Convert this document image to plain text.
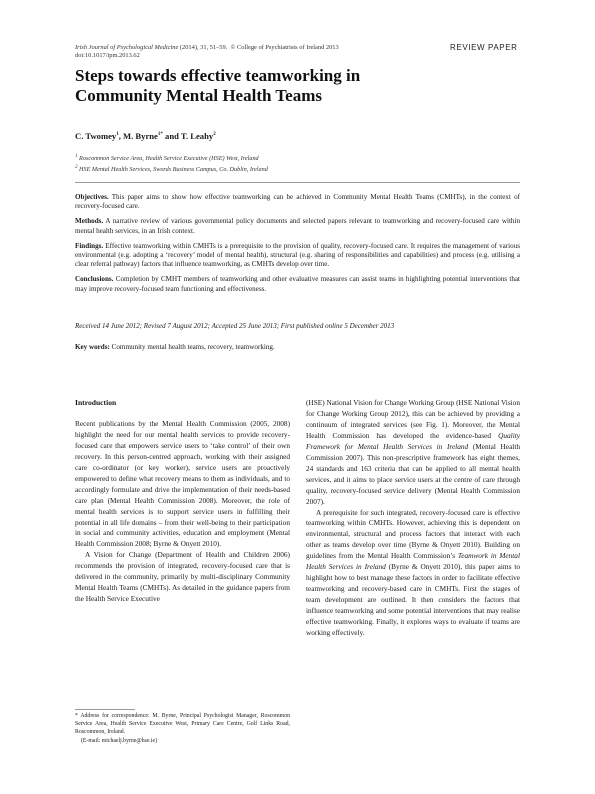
Irish Journal of Psychological Medicine (2014), 31, 51–59. © College of Psychiatrists of Ireland 2013
doi:10.1017/ipm.2013.62
REVIEW PAPER
Steps towards effective teamworking in
Community Mental Health Teams
C. Twomey$^1$, M. Byrne$^{1*}$ and T. Leahy$^2$
$^1$ Roscommon Service Area, Health Service Executive (HSE) West, Ireland
$^2$ HSE Mental Health Services, Swords Business Campus, Co. Dublin, Ireland
Objectives. This paper aims to show how effective teamworking can be achieved in Community Mental Health Teams (CMHTs), in the context of recovery-focused care.
Methods. A narrative review of various governmental policy documents and selected papers relevant to teamworking and recovery-focused care within mental health services, in an Irish context.
Findings. Effective teamworking within CMHTs is a prerequisite to the provision of quality, recovery-focused care. It requires the management of various environmental (e.g. adopting a ‘recovery’ model of mental health), structural (e.g. sharing of responsibilities and capabilities) and process (e.g. utilising a clear referral pathway) factors that influence teamworking, as CMHTs develop over time.
Conclusions. Completion by CMHT members of teamworking and other evaluative measures can assist teams in highlighting potential interventions that may improve recovery-focused team functioning and effectiveness.
Received 14 June 2012; Revised 7 August 2012; Accepted 25 June 2013; First published online 5 December 2013
Key words: Community mental health teams, recovery, teamworking.
Introduction

Recent publications by the Mental Health Commission (2005, 2008) highlight the need for our mental health services to provide recovery-focused care that empowers service users to ‘take control’ of their own recovery. In this person-centred approach, working with their assigned care co-ordinator (or key worker), service users are proactively empowered to define what recovery means to them as individuals, and to accordingly formulate and drive the implementation of their needs-based care plan (Mental Health Commission 2008). Moreover, the role of mental health services is to support service users in fulfilling their potential in all life domains – from their well-being to their participation in social and community activities, education and employment (Mental Health Commission 2008; Byrne & Onyett 2010).

A Vision for Change (Department of Health and Children 2006) recommends the provision of integrated, recovery-focused care that is delivered in the community, primarily by multi-disciplinary Community Mental Health Teams (CMHTs). As detailed in the guidance papers from the Health Service Executive

* Address for correspondence: M. Byrne, Principal Psychologist Manager, Roscommon Service Area, Health Service Executive West, Primary Care Centre, Golf Links Road, Roscommon, Ireland.
(E-mail: michaelj.byrne@hse.ie)

(HSE) National Vision for Change Working Group (HSE National Vision for Change Working Group 2012), this can be achieved by providing a continuum of integrated services (see Fig. 1). Moreover, the Mental Health Commission has developed the evidence-based Quality Framework for Mental Health Services in Ireland (Mental Health Commission 2007). This non-prescriptive framework has eight themes, 24 standards and 163 criteria that can be applied to all mental health services, and it aims to place service users at the centre of care through quality, recovery-focused service delivery (Mental Health Commission 2007).

A prerequisite for such integrated, recovery-focused care is effective teamworking within CMHTs. However, achieving this is dependent on environmental, structural and process factors that interact with each other as teams develop over time (Byrne & Onyett 2010). Building on guidelines from the Mental Health Commission’s Teamwork in Mental Health Services in Ireland (Byrne & Onyett 2010), this paper aims to highlight how to best manage these factors in order to facilitate effective teamworking and recovery-based care in CMHTs. First the stages of team development are outlined. It then considers the factors that influence teamworking and some potential interventions that may realise effective teamworking. Finally, it explores ways to evaluate if teams are working effectively.
